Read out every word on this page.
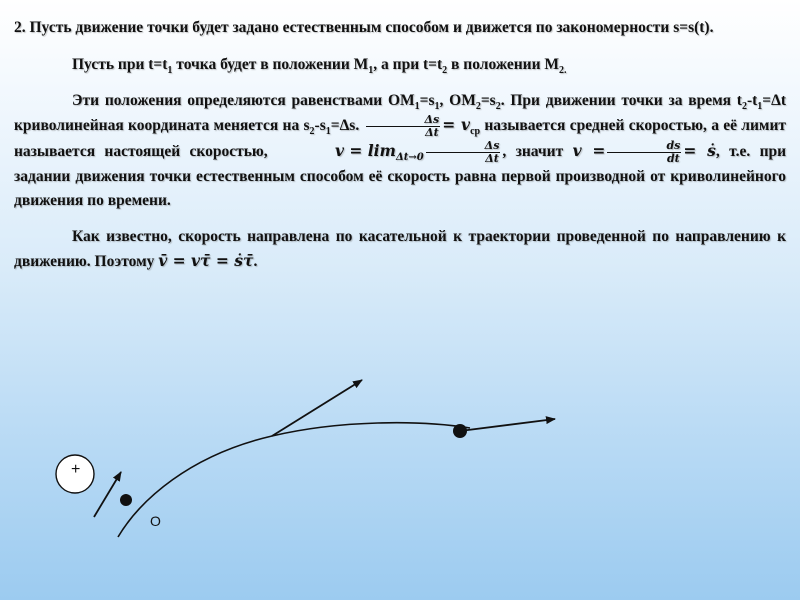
2. Пусть движение точки будет задано естественным способом и движется по закономерности s=s(t).

Пусть при $t=t_1$ точка будет в положении $M_1$, а при $t=t_2$ в положении $M_{2.}$

Эти положения определяются равенствами $OM_1=s_1$, $OM_2=s_2$. При движении точки за время $t_2-t_1=\Delta t$ криволинейная координата меняется на $s_2-s_1=\Delta s$. $\frac{\Delta s}{\Delta t} = v_{ср}$ называется средней скоростью, а её лимит называется настоящей скоростью,	$v = \lim_{\Delta t\to 0} \frac{\Delta s}{\Delta t}$ , значит $v = \frac{ds}{dt}$ = ṡ, т.е. при задании движения точки естественным способом её скорость равна первой производной от криволинейного движения по времени.

Как известно, скорость направлена по касательной к траектории проведенной по направлению к движению. Поэтому v̄ = vτ̄ = ṡτ̄.

+
O
